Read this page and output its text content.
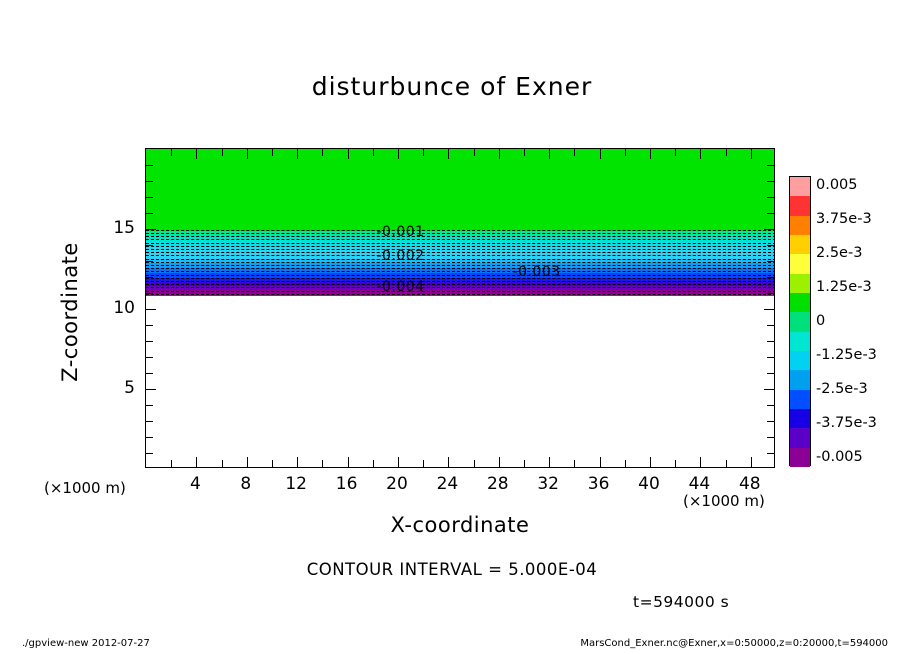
disturbunce of Exner
-0.001
-0.002
-0.003
-0.004
4 8 12 16 20 24 28 32 36 40 44 48
5
10
15
X-coordinate
Z-coordinate
(×1000 m)
(×1000 m)
0.005
3.75e-3
2.5e-3
1.25e-3
0
-1.25e-3
-2.5e-3
-3.75e-3
-0.005
CONTOUR INTERVAL = 5.000E-04
t=594000 s
./gpview-new 2012-07-27	MarsCond_Exner.nc@Exner,x=0:50000,z=0:20000,t=594000
